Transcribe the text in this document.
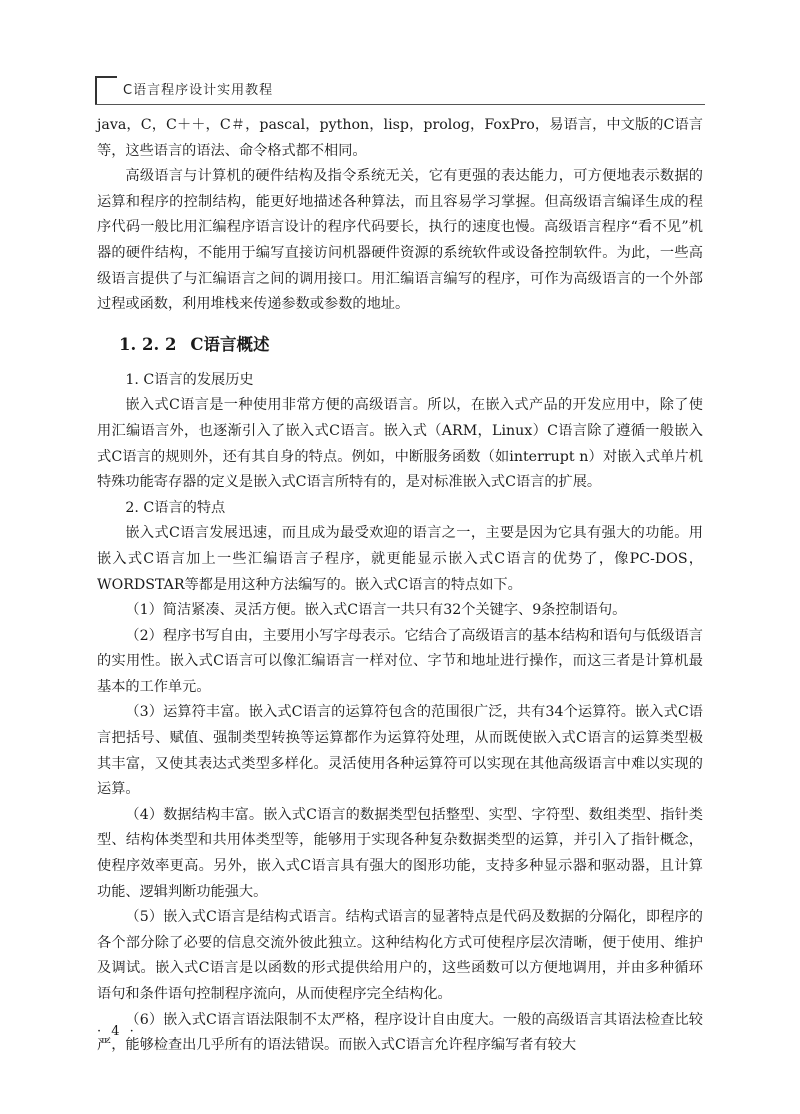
C语言程序设计实用教程

java，C，C＋＋，C＃，pascal，python，lisp，prolog，FoxPro，易语言，中文版的C语言等，这些语言的语法、命令格式都不相同。

高级语言与计算机的硬件结构及指令系统无关，它有更强的表达能力，可方便地表示数据的运算和程序的控制结构，能更好地描述各种算法，而且容易学习掌握。但高级语言编译生成的程序代码一般比用汇编程序语言设计的程序代码要长，执行的速度也慢。高级语言程序“看不见”机器的硬件结构，不能用于编写直接访问机器硬件资源的系统软件或设备控制软件。为此，一些高级语言提供了与汇编语言之间的调用接口。用汇编语言编写的程序，可作为高级语言的一个外部过程或函数，利用堆栈来传递参数或参数的地址。

1. 2. 2 C语言概述

1. C语言的发展历史

嵌入式C语言是一种使用非常方便的高级语言。所以，在嵌入式产品的开发应用中，除了使用汇编语言外，也逐渐引入了嵌入式C语言。嵌入式（ARM，Linux）C语言除了遵循一般嵌入式C语言的规则外，还有其自身的特点。例如，中断服务函数（如interrupt n）对嵌入式单片机特殊功能寄存器的定义是嵌入式C语言所特有的，是对标准嵌入式C语言的扩展。

2. C语言的特点

嵌入式C语言发展迅速，而且成为最受欢迎的语言之一，主要是因为它具有强大的功能。用嵌入式C语言加上一些汇编语言子程序，就更能显示嵌入式C语言的优势了，像PC-DOS，WORDSTAR等都是用这种方法编写的。嵌入式C语言的特点如下。

（1）简洁紧凑、灵活方便。嵌入式C语言一共只有32个关键字、9条控制语句。

（2）程序书写自由，主要用小写字母表示。它结合了高级语言的基本结构和语句与低级语言的实用性。嵌入式C语言可以像汇编语言一样对位、字节和地址进行操作，而这三者是计算机最基本的工作单元。

（3）运算符丰富。嵌入式C语言的运算符包含的范围很广泛，共有34个运算符。嵌入式C语言把括号、赋值、强制类型转换等运算都作为运算符处理，从而既使嵌入式C语言的运算类型极其丰富，又使其表达式类型多样化。灵活使用各种运算符可以实现在其他高级语言中难以实现的运算。

（4）数据结构丰富。嵌入式C语言的数据类型包括整型、实型、字符型、数组类型、指针类型、结构体类型和共用体类型等，能够用于实现各种复杂数据类型的运算，并引入了指针概念，使程序效率更高。另外，嵌入式C语言具有强大的图形功能，支持多种显示器和驱动器，且计算功能、逻辑判断功能强大。

（5）嵌入式C语言是结构式语言。结构式语言的显著特点是代码及数据的分隔化，即程序的各个部分除了必要的信息交流外彼此独立。这种结构化方式可使程序层次清晰，便于使用、维护及调试。嵌入式C语言是以函数的形式提供给用户的，这些函数可以方便地调用，并由多种循环语句和条件语句控制程序流向，从而使程序完全结构化。

（6）嵌入式C语言语法限制不太严格，程序设计自由度大。一般的高级语言其语法检查比较严，能够检查出几乎所有的语法错误。而嵌入式C语言允许程序编写者有较大

· 4 ·
